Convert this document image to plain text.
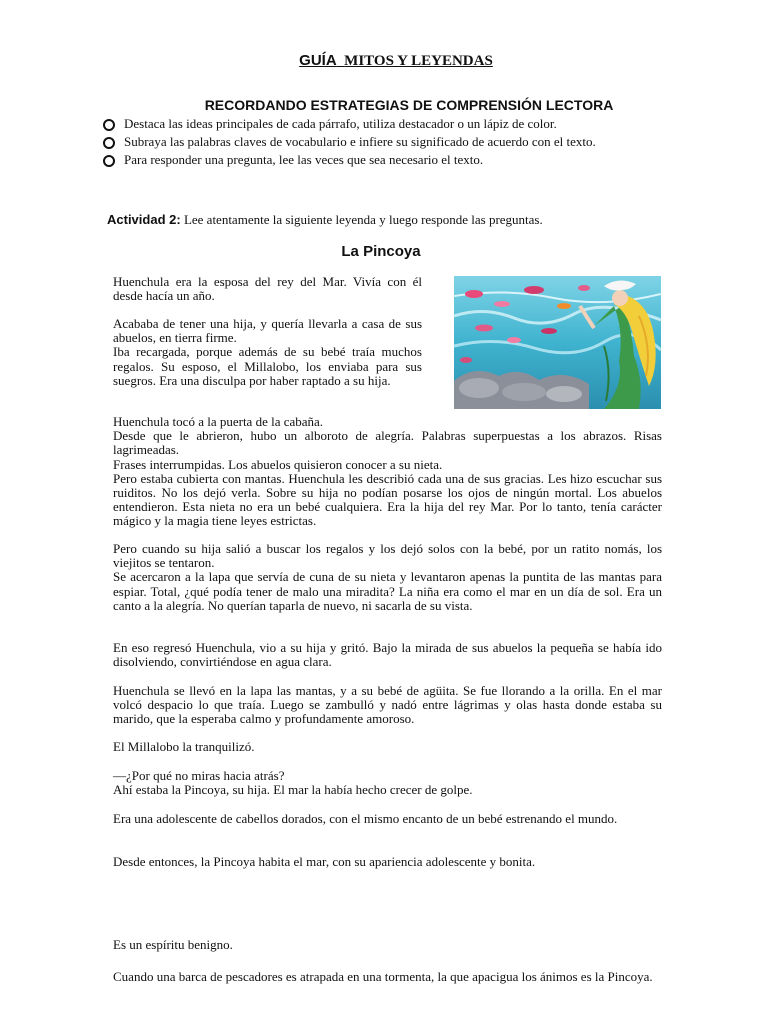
GUÍA MITOS Y LEYENDAS
RECORDANDO ESTRATEGIAS DE COMPRENSIÓN LECTORA
Destaca las ideas principales de cada párrafo, utiliza destacador o un lápiz de color.
Subraya las palabras claves de vocabulario e infiere su significado de acuerdo con el texto.
Para responder una pregunta, lee las veces que sea necesario el texto.
Actividad 2: Lee atentamente la siguiente leyenda y luego responde las preguntas.
La Pincoya

Huenchula era la esposa del rey del Mar. Vivía con él desde hacía un año.

Acababa de tener una hija, y quería llevarla a casa de sus abuelos, en tierra firme.

Iba recargada, porque además de su bebé traía muchos regalos. Su esposo, el Millalobo, los enviaba para sus suegros. Era una disculpa por haber raptado a su hija.

Huenchula tocó a la puerta de la cabaña.

Desde que le abrieron, hubo un alboroto de alegría. Palabras superpuestas a los abrazos. Risas lagrimeadas.

Frases interrumpidas. Los abuelos quisieron conocer a su nieta.

Pero estaba cubierta con mantas. Huenchula les describió cada una de sus gracias. Les hizo escuchar sus ruiditos. No los dejó verla. Sobre su hija no podían posarse los ojos de ningún mortal. Los abuelos entendieron. Esta nieta no era un bebé cualquiera. Era la hija del rey Mar. Por lo tanto, tenía carácter mágico y la magia tiene leyes estrictas.

Pero cuando su hija salió a buscar los regalos y los dejó solos con la bebé, por un ratito nomás, los viejitos se tentaron.

Se acercaron a la lapa que servía de cuna de su nieta y levantaron apenas la puntita de las mantas para espiar. Total, ¿qué podía tener de malo una miradita? La niña era como el mar en un día de sol. Era un canto a la alegría. No querían taparla de nuevo, ni sacarla de su vista.

En eso regresó Huenchula, vio a su hija y gritó. Bajo la mirada de sus abuelos la pequeña se había ido disolviendo, convirtiéndose en agua clara.

Huenchula se llevó en la lapa las mantas, y a su bebé de agüita. Se fue llorando a la orilla. En el mar volcó despacio lo que traía. Luego se zambulló y nadó entre lágrimas y olas hasta donde estaba su marido, que la esperaba calmo y profundamente amoroso.

El Millalobo la tranquilizó.

—¿Por qué no miras hacia atrás?

Ahí estaba la Pincoya, su hija. El mar la había hecho crecer de golpe.

Era una adolescente de cabellos dorados, con el mismo encanto de un bebé estrenando el mundo.

Desde entonces, la Pincoya habita el mar, con su apariencia adolescente y bonita.

Es un espíritu benigno.

Cuando una barca de pescadores es atrapada en una tormenta, la que apacigua los ánimos es la Pincoya.
